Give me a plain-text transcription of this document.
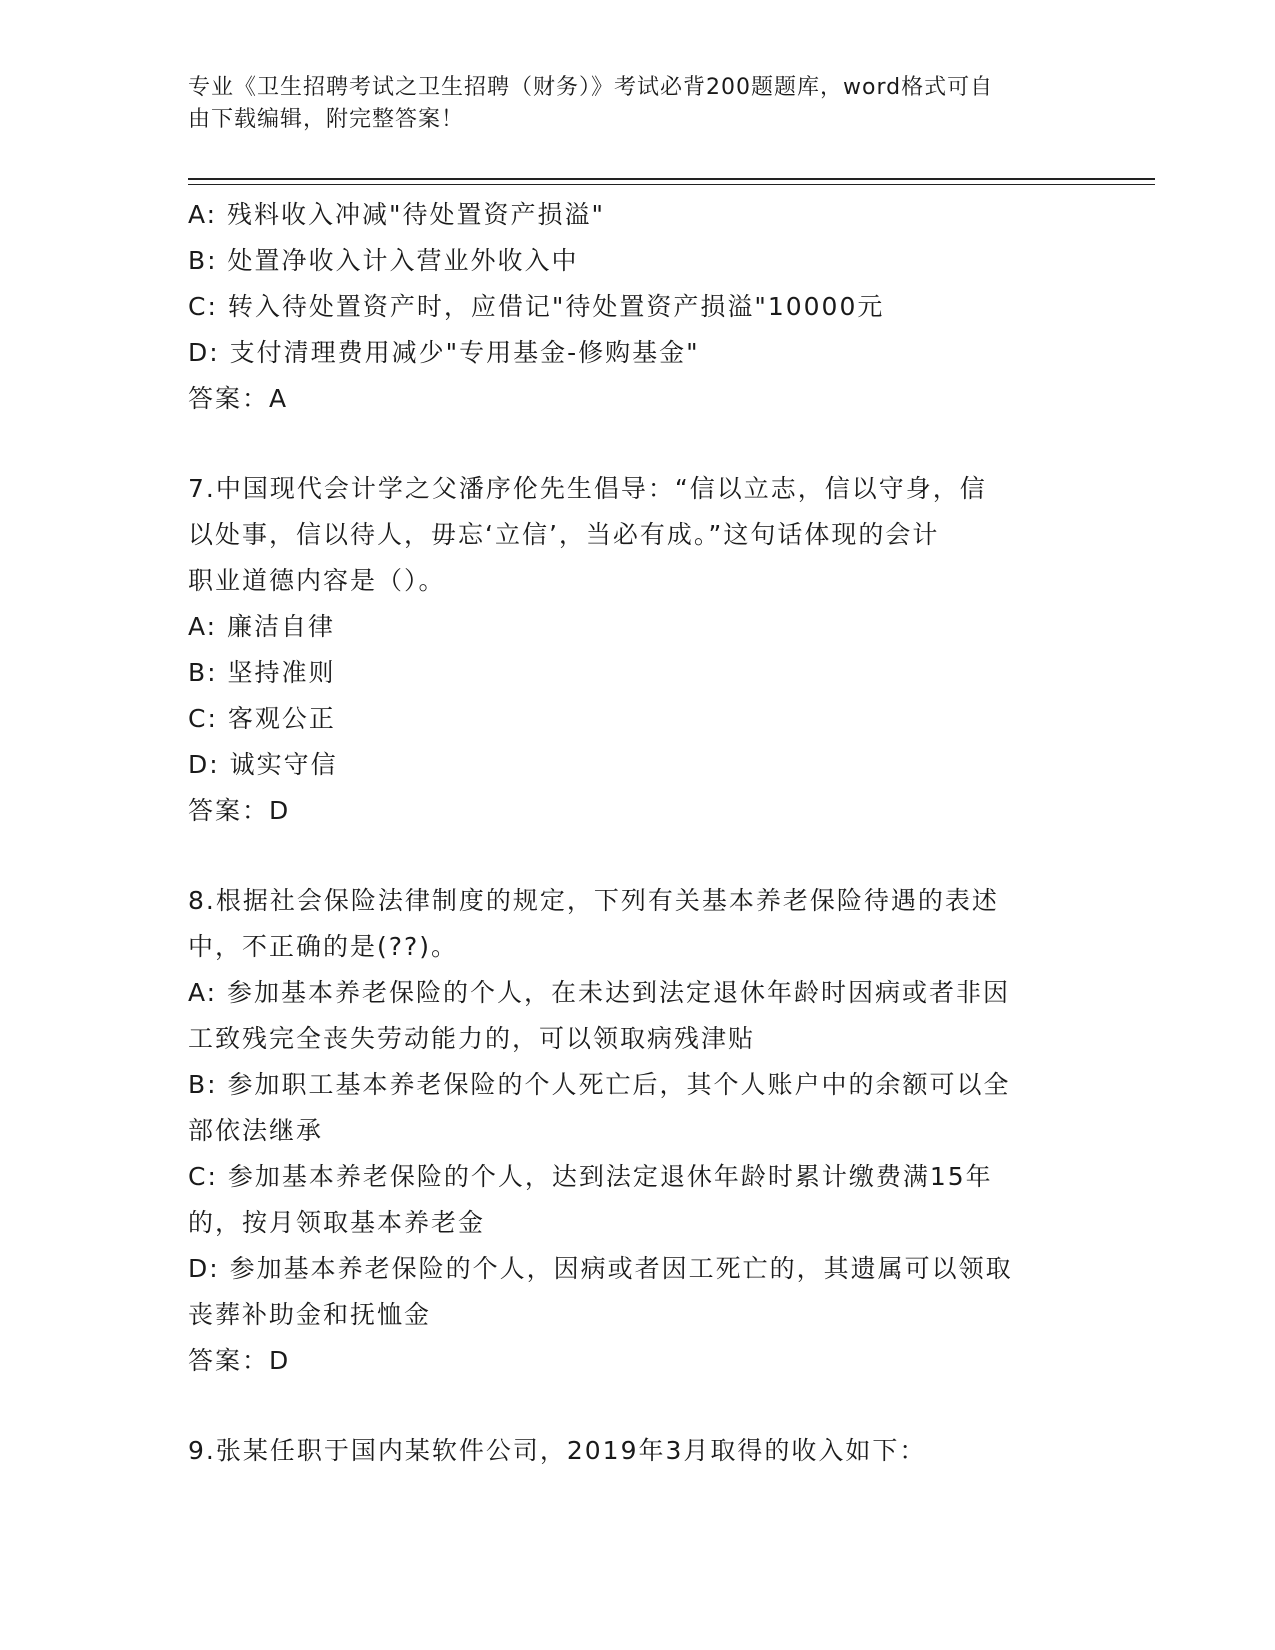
专业《卫生招聘考试之卫生招聘（财务）》考试必背200题题库，word格式可自
由下载编辑，附完整答案！
A: 残料收入冲减"待处置资产损溢"
B: 处置净收入计入营业外收入中
C: 转入待处置资产时，应借记"待处置资产损溢"10000元
D: 支付清理费用减少"专用基金-修购基金"
答案：A
7.中国现代会计学之父潘序伦先生倡导：“信以立志，信以守身，信
以处事，信以待人，毋忘‘立信’，当必有成。”这句话体现的会计
职业道德内容是（）。
A: 廉洁自律
B: 坚持准则
C: 客观公正
D: 诚实守信
答案：D
8.根据社会保险法律制度的规定，下列有关基本养老保险待遇的表述
中，不正确的是(??)。
A: 参加基本养老保险的个人，在未达到法定退休年龄时因病或者非因
工致残完全丧失劳动能力的，可以领取病残津贴
B: 参加职工基本养老保险的个人死亡后，其个人账户中的余额可以全
部依法继承
C: 参加基本养老保险的个人，达到法定退休年龄时累计缴费满15年
的，按月领取基本养老金
D: 参加基本养老保险的个人，因病或者因工死亡的，其遗属可以领取
丧葬补助金和抚恤金
答案：D
9.张某任职于国内某软件公司，2019年3月取得的收入如下：
